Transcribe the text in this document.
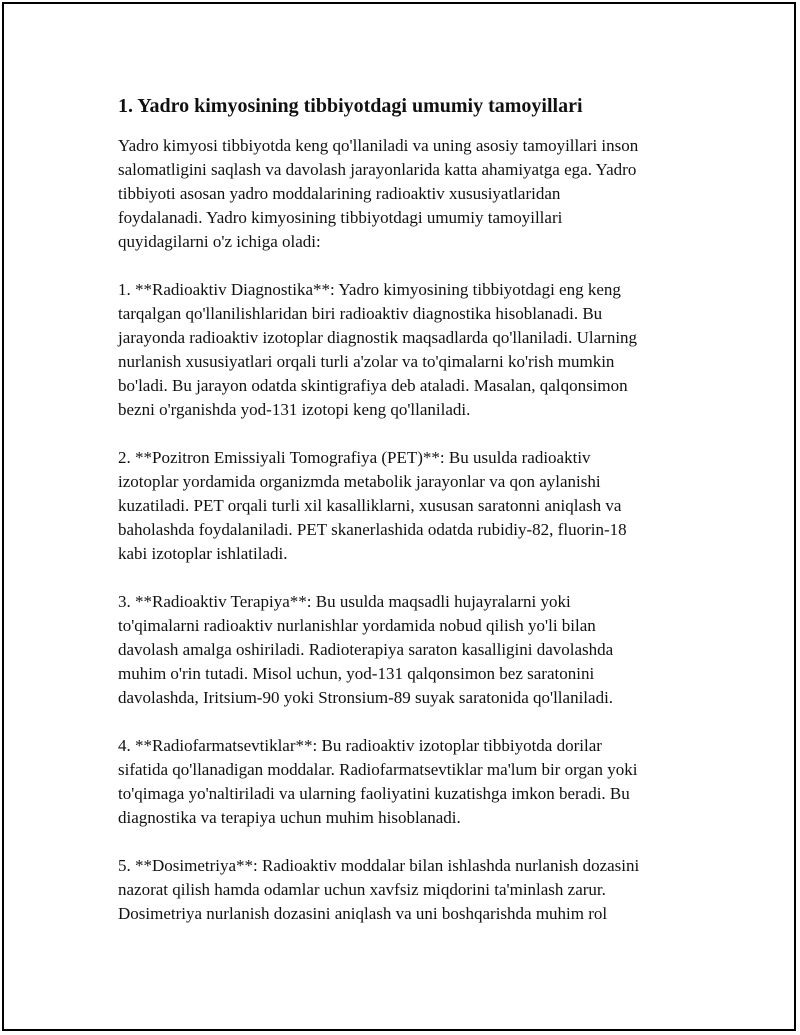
1. Yadro kimyosining tibbiyotdagi umumiy tamoyillari

Yadro kimyosi tibbiyotda keng qo'llaniladi va uning asosiy tamoyillari inson
salomatligini saqlash va davolash jarayonlarida katta ahamiyatga ega. Yadro
tibbiyoti asosan yadro moddalarining radioaktiv xususiyatlaridan
foydalanadi. Yadro kimyosining tibbiyotdagi umumiy tamoyillari
quyidagilarni o'z ichiga oladi:

1. **Radioaktiv Diagnostika**: Yadro kimyosining tibbiyotdagi eng keng
tarqalgan qo'llanilishlaridan biri radioaktiv diagnostika hisoblanadi. Bu
jarayonda radioaktiv izotoplar diagnostik maqsadlarda qo'llaniladi. Ularning
nurlanish xususiyatlari orqali turli a'zolar va to'qimalarni ko'rish mumkin
bo'ladi. Bu jarayon odatda skintigrafiya deb ataladi. Masalan, qalqonsimon
bezni o'rganishda yod-131 izotopi keng qo'llaniladi.

2. **Pozitron Emissiyali Tomografiya (PET)**: Bu usulda radioaktiv
izotoplar yordamida organizmda metabolik jarayonlar va qon aylanishi
kuzatiladi. PET orqali turli xil kasalliklarni, xususan saratonni aniqlash va
baholashda foydalaniladi. PET skanerlashida odatda rubidiy-82, fluorin-18
kabi izotoplar ishlatiladi.

3. **Radioaktiv Terapiya**: Bu usulda maqsadli hujayralarni yoki
to'qimalarni radioaktiv nurlanishlar yordamida nobud qilish yo'li bilan
davolash amalga oshiriladi. Radioterapiya saraton kasalligini davolashda
muhim o'rin tutadi. Misol uchun, yod-131 qalqonsimon bez saratonini
davolashda, Iritsium-90 yoki Stronsium-89 suyak saratonida qo'llaniladi.

4. **Radiofarmatsevtiklar**: Bu radioaktiv izotoplar tibbiyotda dorilar
sifatida qo'llanadigan moddalar. Radiofarmatsevtiklar ma'lum bir organ yoki
to'qimaga yo'naltiriladi va ularning faoliyatini kuzatishga imkon beradi. Bu
diagnostika va terapiya uchun muhim hisoblanadi.

5. **Dosimetriya**: Radioaktiv moddalar bilan ishlashda nurlanish dozasini
nazorat qilish hamda odamlar uchun xavfsiz miqdorini ta'minlash zarur.
Dosimetriya nurlanish dozasini aniqlash va uni boshqarishda muhim rol
